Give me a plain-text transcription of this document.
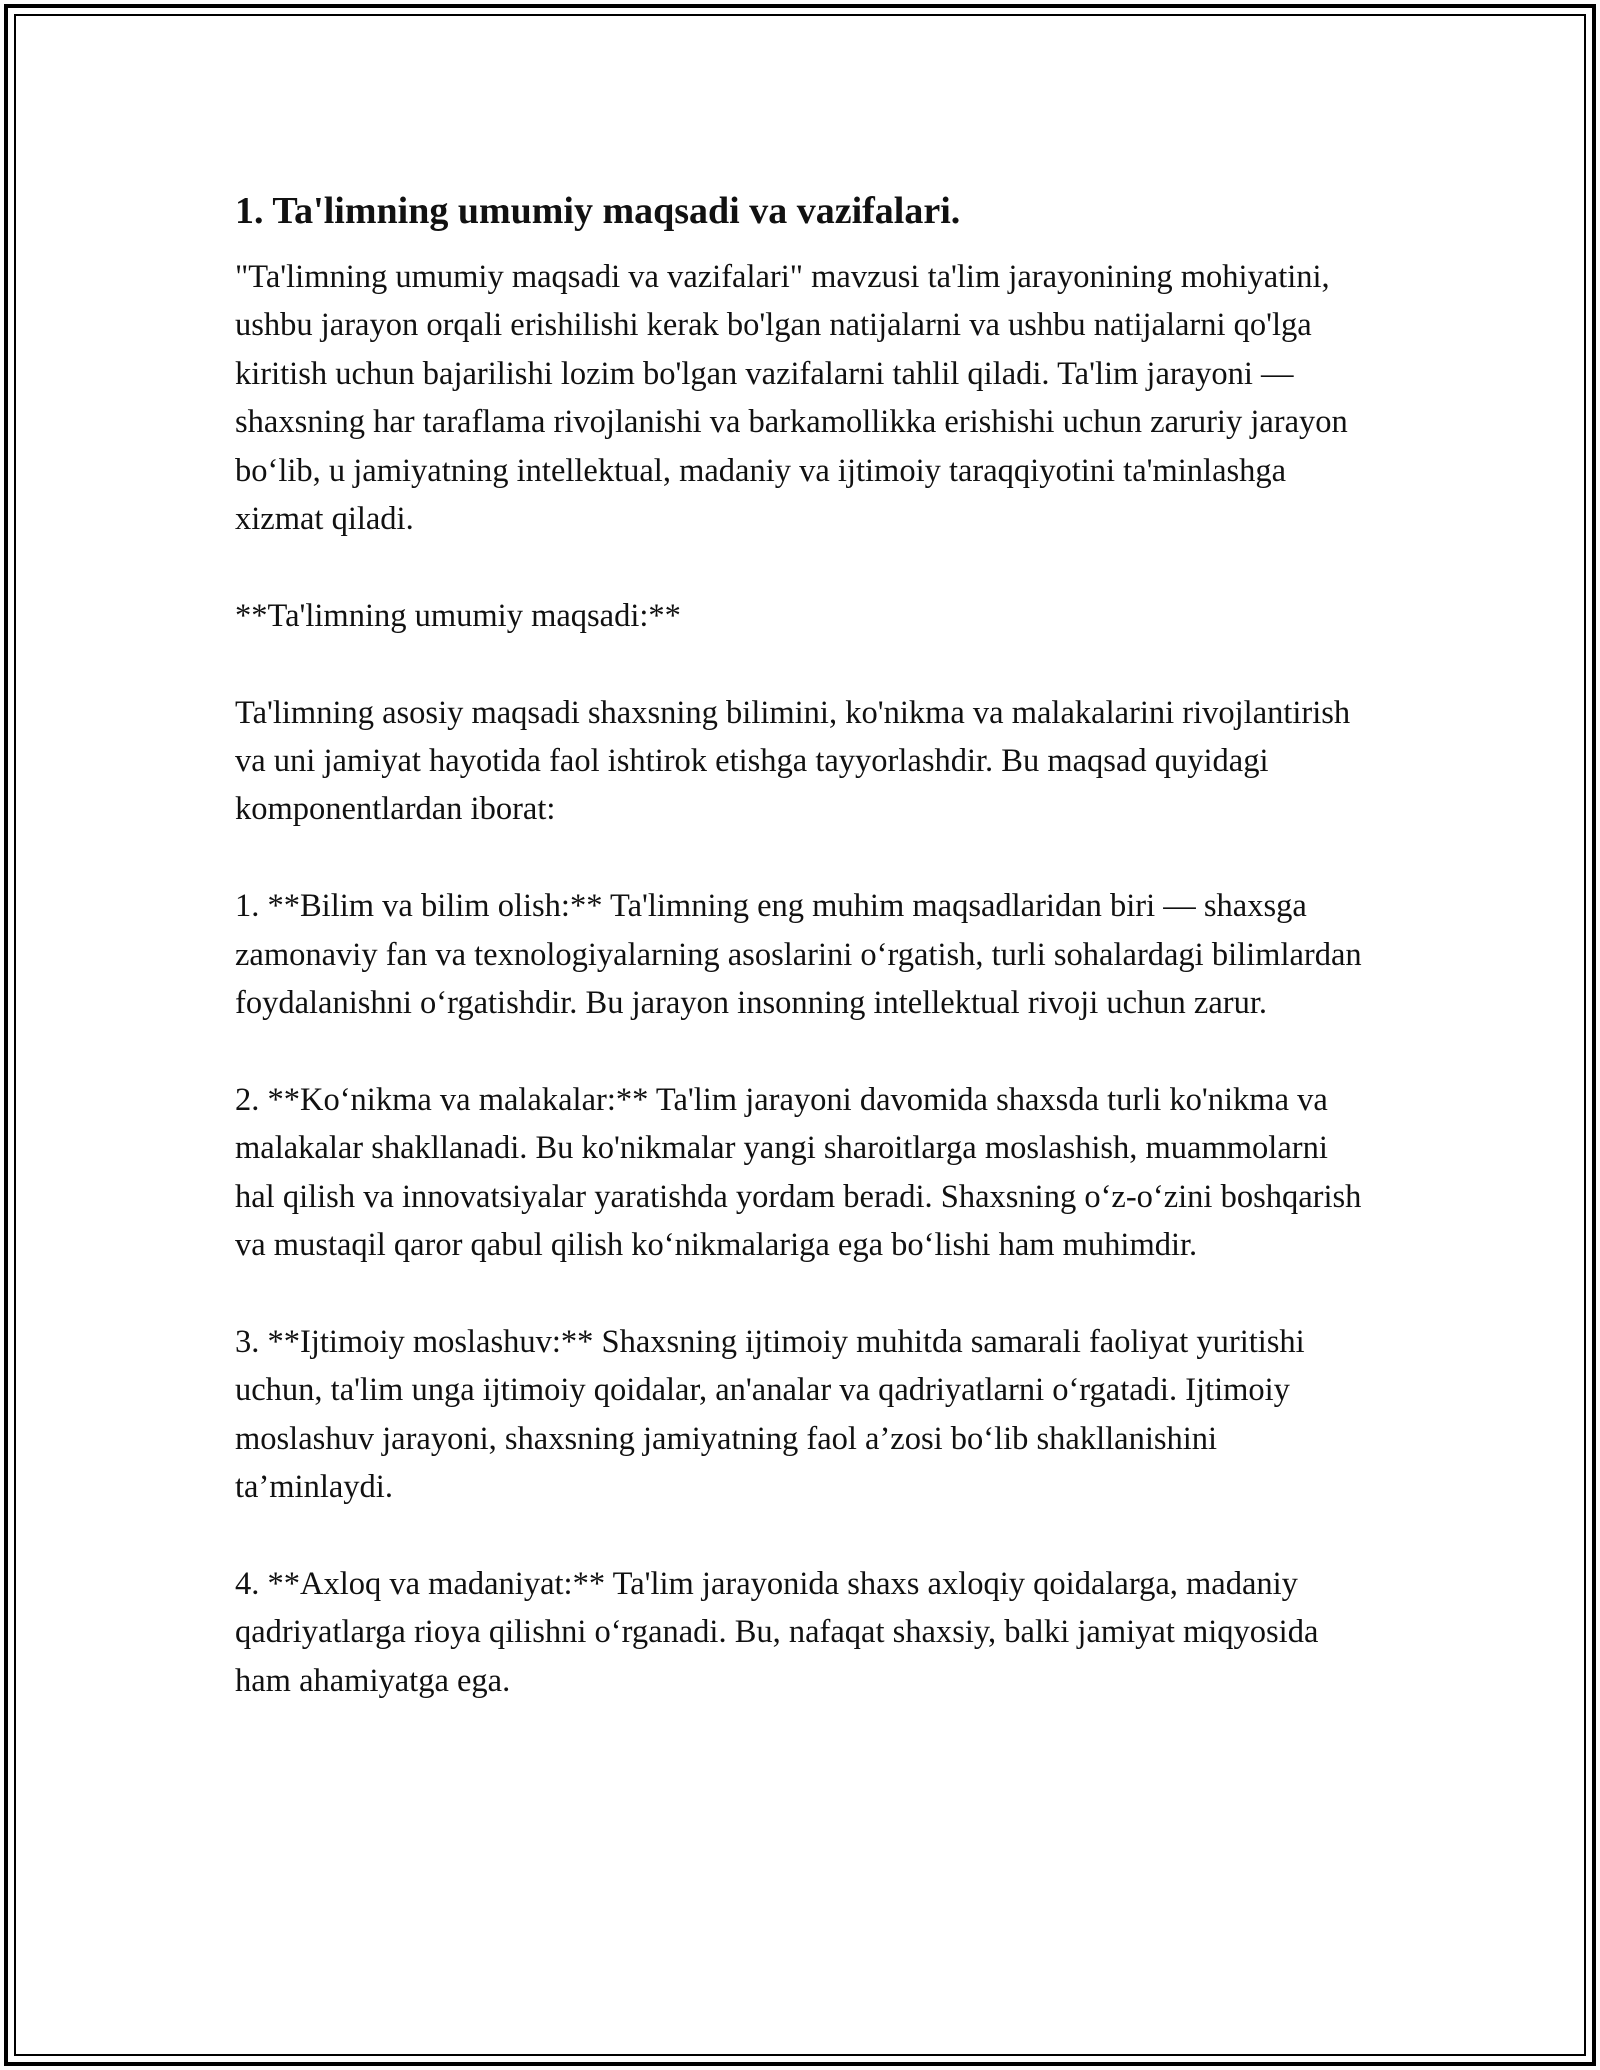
1. Ta'limning umumiy maqsadi va vazifalari.

"Ta'limning umumiy maqsadi va vazifalari" mavzusi ta'lim jarayonining mohiyatini, ushbu jarayon orqali erishilishi kerak bo'lgan natijalarni va ushbu natijalarni qo'lga kiritish uchun bajarilishi lozim bo'lgan vazifalarni tahlil qiladi. Ta'lim jarayoni — shaxsning har taraflama rivojlanishi va barkamollikka erishishi uchun zaruriy jarayon bo‘lib, u jamiyatning intellektual, madaniy va ijtimoiy taraqqiyotini ta'minlashga xizmat qiladi.

**Ta'limning umumiy maqsadi:**

Ta'limning asosiy maqsadi shaxsning bilimini, ko'nikma va malakalarini rivojlantirish va uni jamiyat hayotida faol ishtirok etishga tayyorlashdir. Bu maqsad quyidagi komponentlardan iborat:

1. **Bilim va bilim olish:** Ta'limning eng muhim maqsadlaridan biri — shaxsga zamonaviy fan va texnologiyalarning asoslarini o‘rgatish, turli sohalardagi bilimlardan foydalanishni o‘rgatishdir. Bu jarayon insonning intellektual rivoji uchun zarur.

2. **Ko‘nikma va malakalar:** Ta'lim jarayoni davomida shaxsda turli ko'nikma va malakalar shakllanadi. Bu ko'nikmalar yangi sharoitlarga moslashish, muammolarni hal qilish va innovatsiyalar yaratishda yordam beradi. Shaxsning o‘z-o‘zini boshqarish va mustaqil qaror qabul qilish ko‘nikmalariga ega bo‘lishi ham muhimdir.

3. **Ijtimoiy moslashuv:** Shaxsning ijtimoiy muhitda samarali faoliyat yuritishi uchun, ta'lim unga ijtimoiy qoidalar, an'analar va qadriyatlarni o‘rgatadi. Ijtimoiy moslashuv jarayoni, shaxsning jamiyatning faol a’zosi bo‘lib shakllanishini ta’minlaydi.

4. **Axloq va madaniyat:** Ta'lim jarayonida shaxs axloqiy qoidalarga, madaniy qadriyatlarga rioya qilishni o‘rganadi. Bu, nafaqat shaxsiy, balki jamiyat miqyosida ham ahamiyatga ega.
